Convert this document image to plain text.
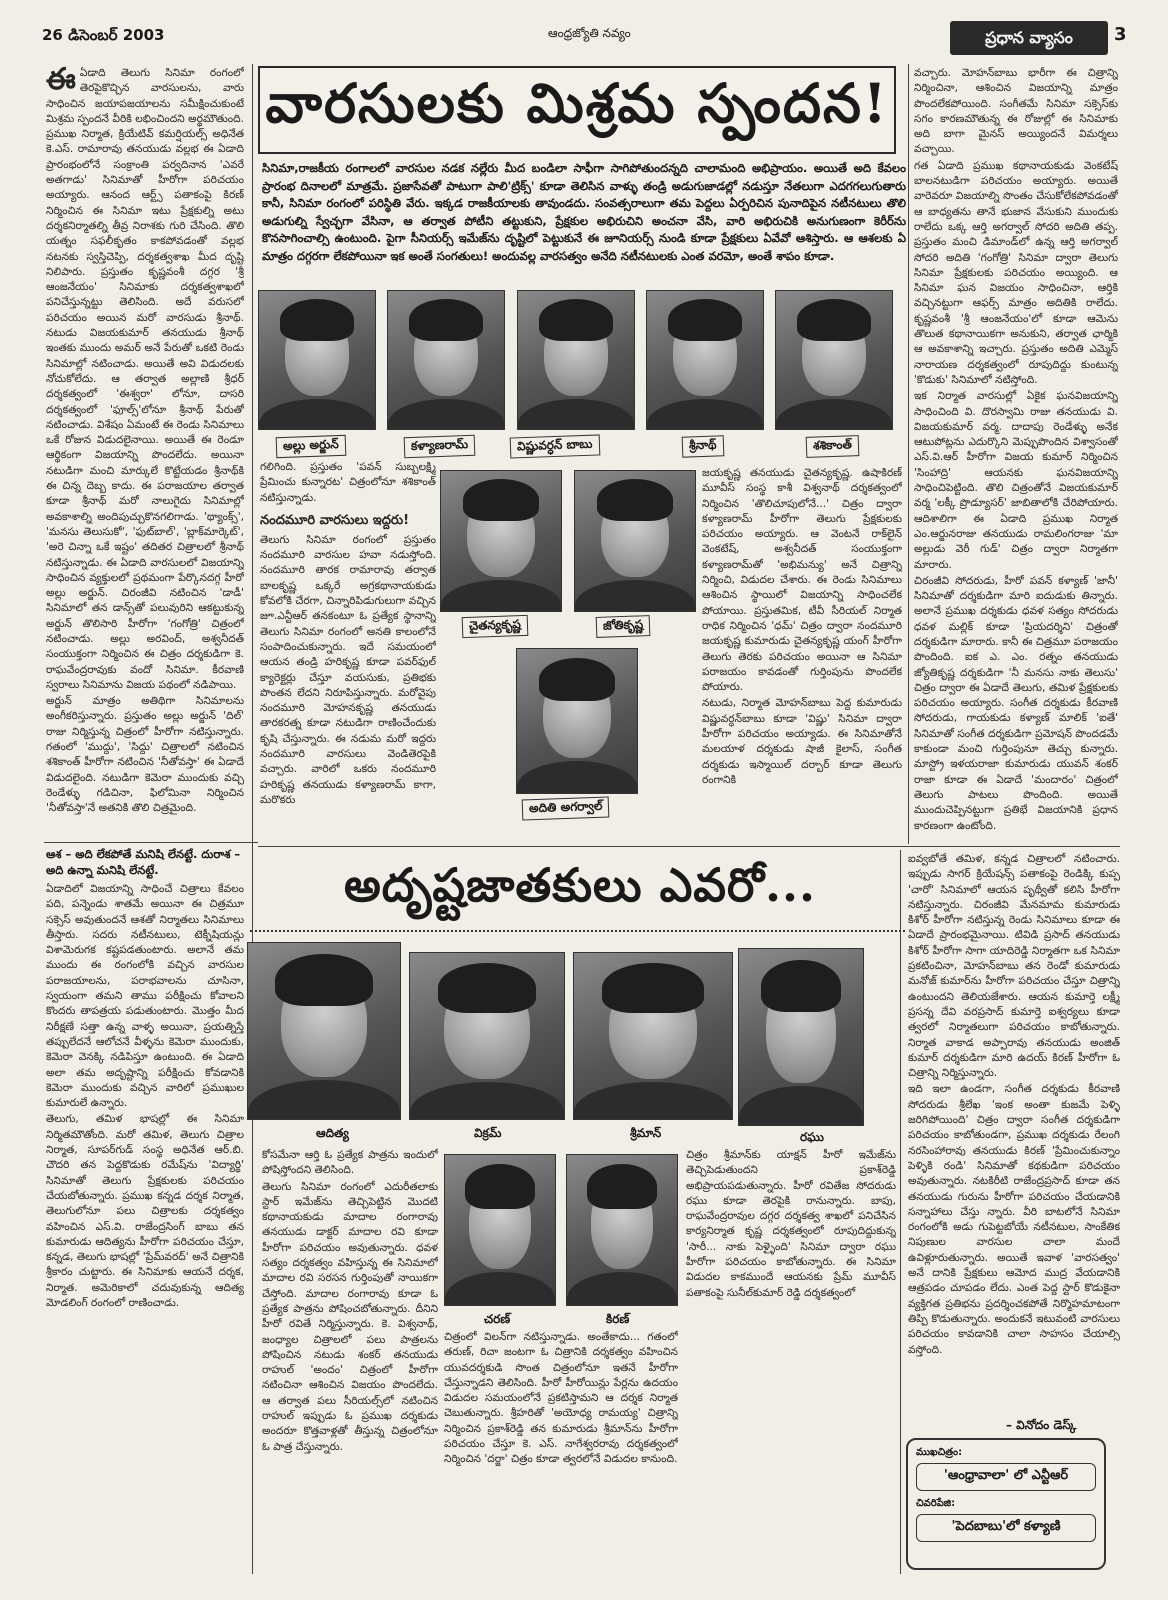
26 డిసెంబర్ 2003	ఆంధ్రజ్యోతి నవ్యం	ప్రధాన వ్యాసం	3
ఈ ఏడాది తెలుగు సినిమా రంగంలో తెరపైకొచ్చిన వారసులను, వారు సాధించిన జయాపజయాలను సమీక్షించుకుంటే మిశ్రమ స్పందనే వీరికి లభించిందని అర్థమౌతుంది. ప్రముఖ నిర్మాత, క్రియేటివ్ కమర్షియల్స్ అధినేత కె.ఎస్. రామారావు తనయుడు వల్లభ ఈ ఏడాది ప్రారంభంలోనే సంక్రాంతి పర్వదినాన 'ఎవరే అతగాడు' సినిమాతో హీరోగా పరిచయం అయ్యారు. ఆనంద ఆర్ట్స్ పతాకంపై కిరణ్ నిర్మించిన ఈ సినిమా ఇటు ప్రేక్షకుల్ని అటు దర్శకనిర్మాతల్ని తీవ్ర నిరాశకు గురి చేసింది. తొలి యత్నం సఫలీకృతం కాకపోవడంతో వల్లభ నటనకు స్వస్తిచెప్పి, దర్శకత్వశాఖ మీద దృష్టి నిలిపారు. ప్రస్తుతం కృష్ణవంశీ దగ్గర 'శ్రీ ఆంజనేయం' సినిమాకు దర్శకత్వశాఖలో పనిచేస్తున్నట్టు తెలిసింది. అదే వరుసలో పరిచయం అయిన మరో వారసుడు శ్రీనాథ్. నటుడు విజయకుమార్ తనయుడు శ్రీనాథ్ ఇంతకు ముందు అమర్ అనే పేరుతో ఒకటి రెండు సినిమాల్లో నటించాడు. అయితే అవి విడుదలకు నోచుకోలేదు. ఆ తర్వాత అల్లాణి శ్రీధర్ దర్శకత్వంలో 'ఈశ్వరా' లోనూ, దాసరి దర్శకత్వంలో 'ఫూల్స్'లోనూ శ్రీనాథ్ పేరుతో నటించాడు. విశేషం ఏమంటే ఈ రెండు సినిమాలు ఒకే రోజున విడుదలైనాయి. అయితే ఈ రెండూ ఆర్థికంగా విజయాన్ని పొందలేదు. అయినా నటుడిగా మంచి మార్కులే కొట్టేయడం శ్రీనాథ్‌కి ఈ చిన్న దెబ్బ కాదు. ఈ పరాజయాల తర్వాత కూడా శ్రీనాథ్ మరో నాలుగైదు సినిమాల్లో అవకాశాల్ని అందిపుచ్చుకొనగలిగాడు. 'థ్యాంక్స్', 'మనసు తెలుసుకో', 'ఫుట్‌బాల్', 'బ్లాక్‌మార్కెట్', 'అరె చిన్నా ఒకే ఇష్టం' తదితర చిత్రాలలో శ్రీనాథ్ నటిస్తున్నాడు. ఈ ఏడాది వారసులలో విజయాన్ని సాధించిన వ్యక్తులలో ప్రథమంగా పేర్కొనదగ్గ హీరో అల్లు అర్జున్. చిరంజీవి నటించిన 'డాడీ' సినిమాలో తన డాన్స్‌తో పలువురిని ఆకట్టుకున్న అర్జున్ తొలిసారి హీరోగా 'గంగోత్రి' చిత్రంలో నటించాడు. అల్లు అరవింద్, అశ్వనీదత్ సంయుక్తంగా నిర్మించిన ఈ చిత్రం దర్శకుడిగా కె. రాఘవేంద్రరావుకు వందో సినిమా. కీరవాణి స్వరాలు సినిమాను విజయ పథంలో నడిపాయి.

అర్జున్ మాత్రం అతిథిగా సినిమాలను అంగీకరిస్తున్నారు. ప్రస్తుతం అల్లు అర్జున్ 'దిల్' రాజు నిర్మిస్తున్న చిత్రంలో హీరోగా నటిస్తున్నారు. గతంలో 'ముద్దు', 'సిద్దు' చిత్రాలలో నటించిన శశికాంత్ హీరోగా నటించిన 'నీతోవస్తా' ఈ ఏడాదే విడుదలైంది. నటుడిగా కెమెరా ముందుకు వచ్చి రెండేళ్ళు గడిచినా, ఫిలోమినా నిర్మించిన 'నీతోవస్తా'నే అతనికి తొలి చిత్రమైంది.

ఆశ – అది లేకపోతే మనిషి లేనట్టే. దురాశ – అది ఉన్నా మనిషి లేనట్టే.

ఏడాదిలో విజయాన్ని సాధించే చిత్రాలు కేవలం పది, పన్నెండు శాతమే అయినా ఈ చిత్రమూ సక్సెస్ అవుతుందనే ఆశతో నిర్మాతలు సినిమాలు తీస్తారు. సదరు నటీనటులు, టెక్నీషియన్లు విశామెరుగక కష్టపడతుంటారు. అలానే తమ ముందు ఈ రంగంలోకి వచ్చిన వారసుల పరాజయాలను, పరాభవాలను చూసినా, స్వయంగా తమని తాము పరీక్షించు కోవాలని కొందరు తాపత్రయ పడుతుంటారు. మొత్తం మీద నిరీక్షణే సత్తా ఉన్న వాళ్ళ అయినా, ప్రయత్నిస్తే తప్పులేదనే ఆలోచనే వీళ్ళను కెమెరా ముందుకు, కెమెరా వెనక్కి నడిపిస్తూ ఉంటుంది. ఈ ఏడాది అలా తమ అదృష్టాన్ని పరీక్షించు కోవడానికి కెమెరా ముందుకు వచ్చిన వారిలో ప్రముఖుల కుమారులే ఉన్నారు.

తెలుగు, తమిళ భాషల్లో ఈ సినిమా నిర్మితమౌతోంది. మరో తమిళ, తెలుగు చిత్రాల నిర్మాత, సూపర్‌గుడ్ సంస్థ అధినేత ఆర్.బి. చౌదరి తన పెద్దకొడుకు రమేష్‌ను 'విద్యార్థి' సినిమాతో తెలుగు ప్రేక్షకులకు పరిచయం చేయబోతున్నారు. ప్రముఖ కన్నడ దర్శక నిర్మాత, తెలుగులోనూ పలు చిత్రాలకు దర్శకత్వం వహించిన ఎస్.వి. రాజేంద్రసింగ్ బాబు తన కుమారుడు ఆదిత్యను హీరోగా పరిచయం చేస్తూ, కన్నడ, తెలుగు భాషల్లో 'ప్రేమ్‌వరద్' అనే చిత్రానికి శ్రీకారం చుట్టారు. ఈ సినిమాకు ఆయనే దర్శక, నిర్మాత. అమెరికాలో చదువుకున్న ఆదిత్య మోడలింగ్ రంగంలో రాణించాడు.

వారసులకు మిశ్రమ స్పందన!
సినిమా,రాజకీయ రంగాలలో వారసుల నడక నల్లేరు మీద బండిలా సాఫీగా సాగిపోతుందన్నది చాలామంది అభిప్రాయం. అయితే అది కేవలం ప్రారంభ దినాలలో మాత్రమే. ప్రజాసేవతో పాటుగా పాలి'ట్రిక్స్' కూడా తెలిసిన వాళ్ళు తండ్రి అడుగుజాడల్లో నడుస్తూ నేతలుగా ఎదగగలుగుతారు కానీ, సినిమా రంగంలో పరిస్థితి వేరు. ఇక్కడ రాజకీయాలకు తావుండదు. సంవత్సరాలుగా తమ పెద్దలు ఏర్పరిచిన పునాదిపైన నటీనటులు తొలి అడుగుల్ని స్వేచ్ఛగా వేసినా, ఆ తర్వాత పోటీని తట్టుకుని, ప్రేక్షకుల అభిరుచిని అంచనా వేసి, వారి అభిరుచికి అనుగుణంగా కెరీర్‌ను కొనసాగించాల్సి ఉంటుంది. పైగా సీనియర్స్ ఇమేజ్‌ను దృష్టిలో పెట్టుకునే ఈ జూనియర్స్ నుండి కూడా ప్రేక్షకులు ఏవేవో ఆశిస్తారు. ఆ ఆశలకు ఏ మాత్రం దగ్గరగా లేకపోయినా ఇక అంతే సంగతులు! అందువల్ల వారసత్వం అనేది నటీనటులకు ఎంత వరమో, అంతే శాపం కూడా.
అల్లు అర్జున్	కళ్యాణరామ్	విష్ణువర్ధన్ బాబు	శ్రీనాథ్	శశికాంత్

గలిగింది. ప్రస్తుతం 'పవన్ సుబ్బలక్ష్మి ప్రేమించు కున్నారట' చిత్రంలోనూ శశికాంత్ నటిస్తున్నాడు.

నందమూరి వారసులు ఇద్దరు!

తెలుగు సినిమా రంగంలో ప్రస్తుతం నందమూరి వారసుల హవా నడుస్తోంది. నందమూరి తారక రామారావు తర్వాత బాలకృష్ణ ఒక్కరే అగ్రకథానాయకుడు కోవలోకి చేరగా, చిన్నారిపిడుగులుగా వచ్చిన జూ.ఎన్టీఆర్ తనకంటూ ఓ ప్రత్యేక స్థానాన్ని తెలుగు సినిమా రంగంలో అనతి కాలంలోనే సంపాదించుకున్నారు. ఇదే సమయంలో ఆయన తండ్రి హరికృష్ణ కూడా పవర్‌ఫుల్ క్యారెక్టర్లు చేస్తూ వయసుకు, ప్రతిభకు పొంతన లేదని నిరూపిస్తున్నారు. మరోవైపు నందమూరి మోహనకృష్ణ తనయుడు తారకరత్న కూడా నటుడిగా రాణించేందుకు కృషి చేస్తున్నారు. ఈ నడుమ మరో ఇద్దరు నందమూరి వారసులు వెండితెరపైకి వచ్చారు. వారిలో ఒకరు నందమూరి హరికృష్ణ తనయుడు కళ్యాణరామ్ కాగా, మరొకరు

చైతన్యకృష్ణ	జోతికృష్ణ
అదితి అగర్వాల్

జయకృష్ణ తనయుడు చైతన్యకృష్ణ. ఉషాకిరణ్ మూవీస్ సంస్థ కాశీ విశ్వనాథ్ దర్శకత్వంలో నిర్మించిన 'తొలిచూపులోనే...' చిత్రం ద్వారా కళ్యాణరామ్ హీరోగా తెలుగు ప్రేక్షకులకు పరిచయం అయ్యారు. ఆ వెంటనే రాక్‌లైన్ వెంకటేష్, అశ్వనీదత్ సంయుక్తంగా కళ్యాణరామ్‌తో 'అభిమన్యు' అనే చిత్రాన్ని నిర్మించి, విడుదల చేశారు. ఈ రెండు సినిమాలు ఆశించిన స్థాయిలో విజయాన్ని సాధించలేక పోయాయి. ప్రస్తుతమిక, టీవీ సీరియల్ నిర్మాత రాధిక నిర్మించిన 'ధమ్' చిత్రం ద్వారా నందమూరి జయకృష్ణ కుమారుడు చైతన్యకృష్ణ యంగ్ హీరోగా తెలుగు తెరకు పరిచయం అయినా ఆ సినిమా పరాజయం కావడంతో గుర్తింపును పొందలేక పోయారు.

నటుడు, నిర్మాత మోహన్‌బాబు పెద్ద కుమారుడు విష్ణువర్ధన్‌బాబు కూడా 'విష్ణు' సినిమా ద్వారా హీరోగా పరిచయం అయ్యాడు. ఈ సినిమాతోనే మలయాళ దర్శకుడు షాజీ కైలాస్, సంగీత దర్శకుడు ఇస్మాయిల్ దర్బార్ కూడా తెలుగు రంగానికి

వచ్చారు. మోహన్‌బాబు భారీగా ఈ చిత్రాన్ని నిర్మించినా, ఆశించిన విజయాన్ని మాత్రం పొందలేకపోయింది. సంగీతమే సినిమా సక్సెస్‌కు సగం కారణమౌతున్న ఈ రోజుల్లో ఈ సినిమాకు అది బాగా మైనస్ అయ్యిందనే విమర్శలు వచ్చాయి.

గత ఏడాది ప్రముఖ కథానాయకుడు వెంకటేష్ బాలనటుడిగా పరిచయం అయ్యారు. అయితే వారెవరూ విజయాల్ని సొంతం చేసుకోలేకపోవడంతో ఆ బాధ్యతను తానే భుజాన వేసుకుని ముందుకు రాలేదు ఒక్క ఆర్తి అగర్వాల్ సోదరి అదితి తప్ప. ప్రస్తుతం మంచి డిమాండ్‌లో ఉన్న ఆర్తి అగర్వాల్ సోదరి అదితి 'గంగోత్రి' సినిమా ద్వారా తెలుగు సినిమా ప్రేక్షకులకు పరిచయం అయ్యింది. ఆ సినిమా ఘన విజయం సాధించినా, ఆర్తికి వచ్చినట్టుగా ఆఫర్స్ మాత్రం అదితికి రాలేదు. కృష్ణవంశీ 'శ్రీ ఆంజనేయం'లో కూడా ఆమెను తొలుత కథానాయికగా అనుకుని, తర్వాత ఛార్మికి ఆ అవకాశాన్ని ఇచ్చారు. ప్రస్తుతం అదితి ఎమ్మెస్ నారాయణ దర్శకత్వంలో రూపుదిద్దు కుంటున్న 'కొడుకు' సినిమాలో నటిస్తోంది.

ఇక నిర్మాత వారసుల్లో ఏకైక ఘనవిజయాన్ని సాధించింది వి. దొరస్వామి రాజు తనయుడు వి. విజయకుమార్ వర్మ. దాదాపు రెండేళ్ళు అనేక ఆటుపోట్లను ఎదుర్కొని మెప్పుపొందిన విశ్వాసంతో ఎస్.వి.ఆర్ హీరోగా విజయ కుమార్ నిర్మించిన 'సింహాద్రి' ఆయనకు ఘనవిజయాన్ని సాధించిపెట్టింది. తొలి చిత్రంతోనే విజయకుమార్ వర్మ 'లక్కీ ప్రొడ్యూసర్' జాబితాలోకి చేరిపోయారు. ఆదిశాలిగా ఈ ఏడాది ప్రముఖ నిర్మాత ఎం.ఆర్జునరాజు తనయుడు రామలింగరాజు 'మా అల్లుడు వెరీ గుడ్' చిత్రం ద్వారా నిర్మాతగా మారారు.

చిరంజీవి సోదరుడు, హీరో పవన్ కళ్యాణ్ 'జానీ' సినిమాతో దర్శకుడిగా మారి ఐదుడుకు తిన్నారు. అలానే ప్రముఖ దర్శకుడు ధవళ సత్యం సోదరుడు ధవళ మల్లిక్ కూడా 'ప్రియదర్శిని' చిత్రంతో దర్శకుడిగా మారారు. కానీ ఈ చిత్రమూ పరాజయం పొందింది. ఐక ఎ. ఎం. రత్నం తనయుడు జ్యోతికృష్ణ దర్శకుడిగా 'నీ మనసు నాకు తెలుసు' చిత్రం ద్వారా ఈ ఏడాదే తెలుగు, తమిళ ప్రేక్షకులకు పరిచయం అయ్యారు. సంగీత దర్శకుడు కీరవాణి సోదరుడు, గాయకుడు కళ్యాణ్ మాలిక్ 'ఐతే' సినిమాతో సంగీత దర్శకుడిగా ప్రమోషన్ పొందడమే కాకుండా మంచి గుర్తింపునూ తెచ్చు కున్నారు. మాస్ట్రో ఇళయరాజా కుమారుడు యువన్ శంకర్ రాజా కూడా ఈ ఏడాదే 'మందారం' చిత్రంలో తెలుగు పాటలు పొందింది. అయితే ముందుచెప్పినట్టుగా ప్రతిభే విజయానికి ప్రధాన కారణంగా ఉంటోంది.

అదృష్టజాతకులు ఎవరో...
ఆదిత్య	విక్రమ్	శ్రీమాన్	రఘు

కోసమేనా ఆర్తి ఓ ప్రత్యేక పాత్రను ఇందులో పోషిస్తోందని తెలిసింది.

తెలుగు సినిమా రంగంలో ఎదురీతలాకు స్టార్ ఇమేజ్‌ను తెచ్చిపెట్టిన మొదటి కథానాయకుడు మాదాల రంగారావు తనయుడు డాక్టర్ మాదాల రవి కూడా హీరోగా పరిచయం అవుతున్నారు. ధవళ సత్యం దర్శకత్వం వహిస్తున్న ఈ సినిమాలో మాదాల రవి సరసన గుర్తింపుతో నాయికగా చేస్తోంది. మాదాల రంగారావు కూడా ఓ ప్రత్యేక పాత్రను పోషించబోతున్నారు. దీనిని హీరో రవితే నిర్మిస్తున్నారు. కె. విశ్వనాథ్, జంధ్యాల చిత్రాలలో పలు పాత్రలను పోషించిన నటుడు శంకర్ తనయుడు రాహుల్ 'అందం' చిత్రంలో హీరోగా నటించినా ఆశించిన విజయం పొందలేదు. ఆ తర్వాత పలు సీరియల్స్‌లో నటించిన రాహుల్ ఇప్పుడు ఓ ప్రముఖ దర్శకుడు అందరూ కొత్తవాళ్లతో తీస్తున్న చిత్రంలోనూ ఓ పాత్ర చేస్తున్నారు.

చరణ్	కిరణ్

చిత్రంలో విలన్‌గా నటిస్తున్నాడు. అంతేకాదు... గతంలో తరుణ్, రిచా జంటగా ఓ చిత్రానికి దర్శకత్వం వహించిన యువదర్శకుడి సొంత చిత్రంలోనూ ఇతనే హీరోగా చేస్తున్నాడని తెలిసింది. హీరో హీరోయిన్లు పేర్లను ఉదయం విడుదల సమయంలోనే ప్రకటిస్తామని ఆ దర్శక నిర్మాత చెబుతున్నారు. శ్రీహరితో 'అయోధ్య రామయ్య' చిత్రాన్ని నిర్మించిన ప్రకాశ్‌రెడ్డి తన కుమారుడు శ్రీమాన్‌ను హీరోగా పరిచయం చేస్తూ కె. ఎస్. నాగేశ్వరరావు దర్శకత్వంలో నిర్మించిన 'దర్జా' చిత్రం కూడా త్వరలోనే విడుదల కానుంది.

చిత్రం శ్రీమాన్‌కు యాక్షన్ హీరో ఇమేజ్‌ను తెచ్చిపెడుతుందని ప్రకాశ్‌రెడ్డి అభిప్రాయపడుతున్నారు. హీరో రవితేజ సోదరుడు రఘు కూడా తెరపైకి రానున్నారు. బాపు, రాఘవేంద్రరావుల దగ్గర దర్శకత్వ శాఖలో పనిచేసిన కార్యనిర్మాత కృష్ణ దర్శకత్వంలో రూపుదిద్దుకున్న 'సారీ... నాకు పెళ్ళైంది' సినిమా ద్వారా రఘు హీరోగా పరిచయం కాబోతున్నారు. ఈ సినిమా విడుదల కాకముందే ఆయనకు ప్రేమ్ మూవీస్ పతాకంపై సునీల్‌కుమార్ రెడ్డి దర్శకత్వంలో

ఐవ్వబోతే తమిళ, కన్నడ చిత్రాలలో నటించారు. ఇప్పుడు సాగర్ క్రియేషన్స్ పతాకంపై రెండిక్కి కుప్ప 'చారో' సినిమాలో ఆయన పృథ్వీతో కలిసి హీరోగా నటిస్తున్నారు. చిరంజీవి మేనమామ కుమారుడు కిశోర్ హీరోగా నటిస్తున్న రెండు సినిమాలు కూడా ఈ ఏడాదే ప్రారంభమైనాయి. టివిడి ప్రసాద్ తనయుడు కిశోర్ హీరోగా సాగా యాదిరెడ్డి నిర్మాతగా ఒక సినిమా ప్రకటించినా, మోహన్‌బాబు తన రెండో కుమారుడు మనోజ్ కుమార్‌ను హీరోగా పరిచయం చేస్తూ చిత్రాన్ని ఉంటుందని తెలియజేశారు. ఆయన కుమార్తె లక్ష్మీ ప్రసన్న దేవి వరప్రసాద్ కుమార్తె ఐశ్వర్యలు కూడా త్వరలో నిర్మాతలుగా పరిచయం కాబోతున్నారు. నిర్మాత వాకాడ అప్పారావు తనయుడు అంజిత్ కుమార్ దర్శకుడిగా మారి ఉదయ్ కిరణ్ హీరోగా ఓ చిత్రాన్ని నిర్మిస్తున్నారు.

ఇది ఇలా ఉండగా, సంగీత దర్శకుడు కీరవాణి సోదరుడు శ్రీలేఖ 'ఇంక అంతా కుజమే పెళ్ళి జరిగిపోయింది' చిత్రం ద్వారా సంగీత దర్శకుడిగా పరిచయం కాబోతుండగా, ప్రముఖ దర్శకుడు రేలంగి నరసింహారావు తనయుడు కిరణ్ 'ప్రేమించుకున్నాం పెళ్ళికి రండి' సినిమాతో కథకుడిగా పరిచయం అవుతున్నారు. నటకిరీటి రాజేంద్రప్రసాద్ కూడా తన తనయుడు గురును హీరోగా పరిచయం చేయడానికి సన్నాహాలు చేస్తు న్నారు. వీరి బాటలోనే సినిమా రంగంలోకి అడు గుపెట్టబోయే నటీనటుల, సాంకేతిక నిపుణుల వారసుల చాలా మందే ఉవిళ్లూరుతున్నారు. అయితే ఇవాళ 'వారసత్వం' అనే దానికి ప్రేక్షకులు ఆమోద ముద్ర వేయడానికి ఆత్రపడం చూపడం లేదు. ఎంత పెద్ద స్టార్ కొడుకైనా వ్యక్తిగత ప్రతిభను ప్రదర్శించకపోతే నిర్మొహమాటంగా తిప్పి కొడుతున్నారు. అందుకనే ఇటువంటి వారసులు పరిచయం కావడానికి చాలా సాహసం చేయాల్సి వస్తోంది.

– వినోదం డెస్క్
ముఖచిత్రం:
'ఆంధ్రావాలా' లో ఎన్టీఆర్
చివరిపేజి:
'పెదబాబు'లో కళ్యాణి
